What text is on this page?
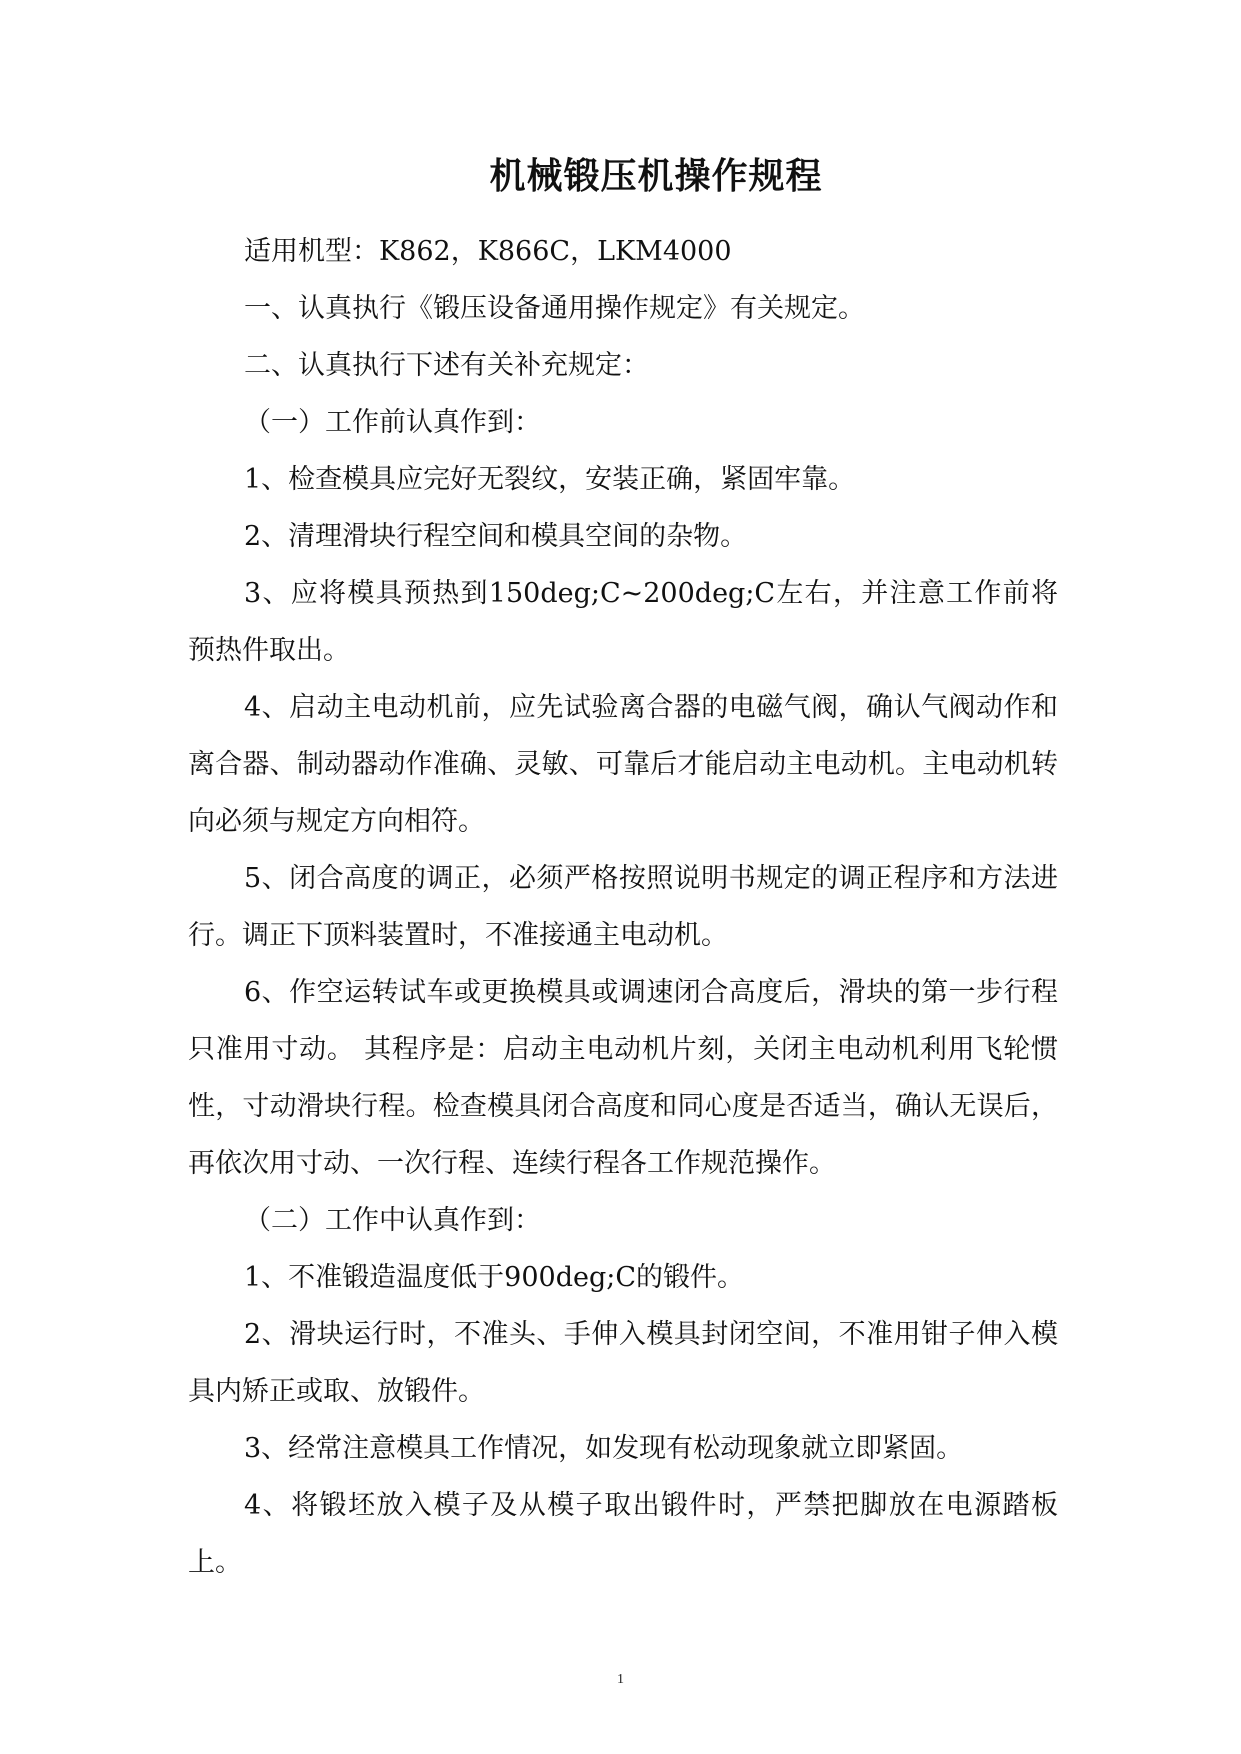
机械锻压机操作规程

适用机型：K862，K866C，LKM4000

一、认真执行《锻压设备通用操作规定》有关规定。

二、认真执行下述有关补充规定：

（一）工作前认真作到：

1、检查模具应完好无裂纹，安装正确，紧固牢靠。

2、清理滑块行程空间和模具空间的杂物。

3、应将模具预热到150deg;C~200deg;C左右，并注意工作前将预热件取出。

4、启动主电动机前，应先试验离合器的电磁气阀，确认气阀动作和离合器、制动器动作准确、灵敏、可靠后才能启动主电动机。主电动机转向必须与规定方向相符。

5、闭合高度的调正，必须严格按照说明书规定的调正程序和方法进行。调正下顶料装置时，不准接通主电动机。

6、作空运转试车或更换模具或调速闭合高度后，滑块的第一步行程只准用寸动。 其程序是：启动主电动机片刻，关闭主电动机利用飞轮惯性，寸动滑块行程。检查模具闭合高度和同心度是否适当，确认无误后，再依次用寸动、一次行程、连续行程各工作规范操作。

（二）工作中认真作到：

1、不准锻造温度低于900deg;C的锻件。

2、滑块运行时，不准头、手伸入模具封闭空间，不准用钳子伸入模具内矫正或取、放锻件。

3、经常注意模具工作情况，如发现有松动现象就立即紧固。

4、将锻坯放入模子及从模子取出锻件时，严禁把脚放在电源踏板上。

1
